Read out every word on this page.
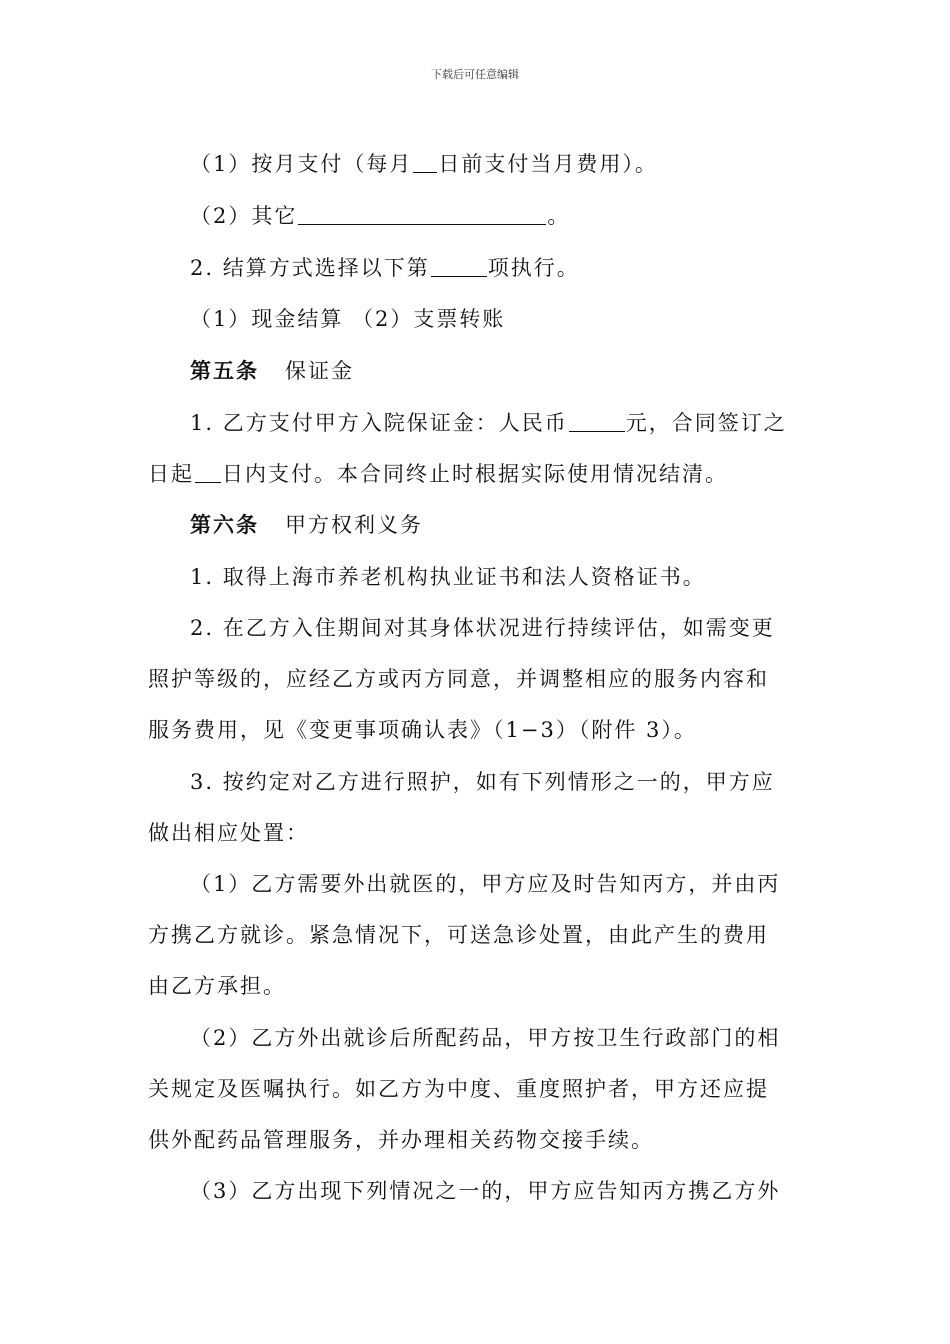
下载后可任意编辑
（1）按月支付（每月 日前支付当月费用）。
（2）其它	。
2. 结算方式选择以下第	项执行。
（1）现金结算 （2）支票转账
第五条 保证金
1. 乙方支付甲方入院保证金：人民币	元，合同签订之
日起 日内支付。本合同终止时根据实际使用情况结清。
第六条 甲方权利义务
1. 取得上海市养老机构执业证书和法人资格证书。
2. 在乙方入住期间对其身体状况进行持续评估，如需变更
照护等级的，应经乙方或丙方同意，并调整相应的服务内容和
服务费用，见《变更事项确认表》（1−3）（附件 3）。
3. 按约定对乙方进行照护，如有下列情形之一的，甲方应
做出相应处置：
（1）乙方需要外出就医的，甲方应及时告知丙方，并由丙
方携乙方就诊。紧急情况下，可送急诊处置，由此产生的费用
由乙方承担。
（2）乙方外出就诊后所配药品，甲方按卫生行政部门的相
关规定及医嘱执行。如乙方为中度、重度照护者，甲方还应提
供外配药品管理服务，并办理相关药物交接手续。
（3）乙方出现下列情况之一的，甲方应告知丙方携乙方外
